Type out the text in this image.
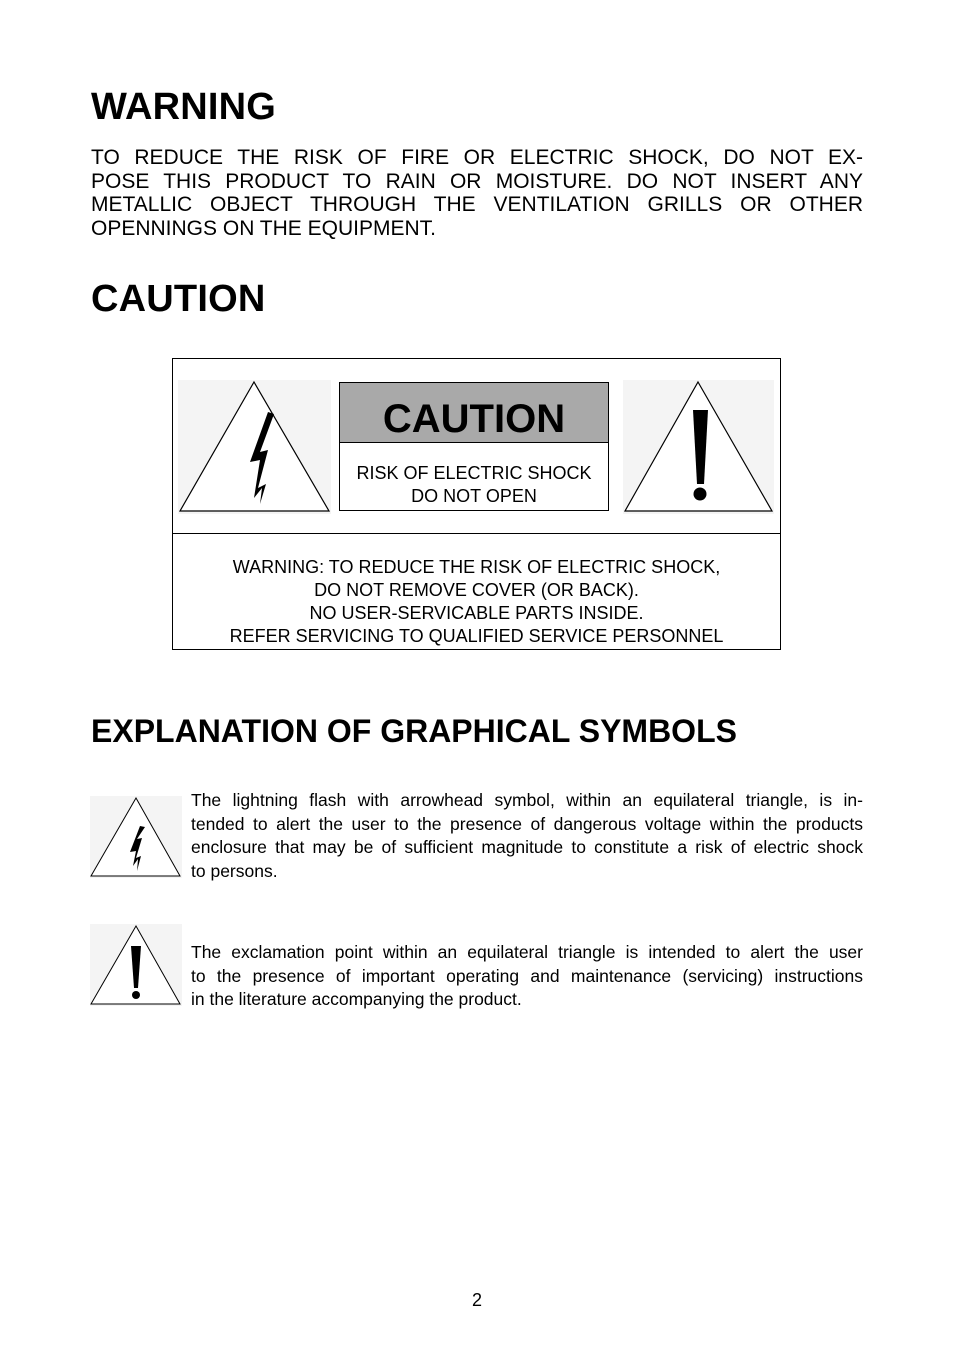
WARNING
TO REDUCE THE RISK OF FIRE OR ELECTRIC SHOCK, DO NOT EX-
POSE THIS PRODUCT TO RAIN OR MOISTURE. DO NOT INSERT ANY
METALLIC OBJECT THROUGH THE VENTILATION GRILLS OR OTHER
OPENNINGS ON THE EQUIPMENT.
CAUTION
CAUTION
RISK OF ELECTRIC SHOCK
DO NOT OPEN
WARNING: TO REDUCE THE RISK OF ELECTRIC SHOCK,
DO NOT REMOVE COVER (OR BACK).
NO USER-SERVICABLE PARTS INSIDE.
REFER SERVICING TO QUALIFIED SERVICE PERSONNEL
EXPLANATION OF GRAPHICAL SYMBOLS
The lightning flash with arrowhead symbol, within an equilateral triangle, is in-
tended to alert the user to the presence of dangerous voltage within the products
enclosure that may be of sufficient magnitude to constitute a risk of electric shock
to persons.
The exclamation point within an equilateral triangle is intended to alert the user
to the presence of important operating and maintenance (servicing) instructions
in the literature accompanying the product.
2
